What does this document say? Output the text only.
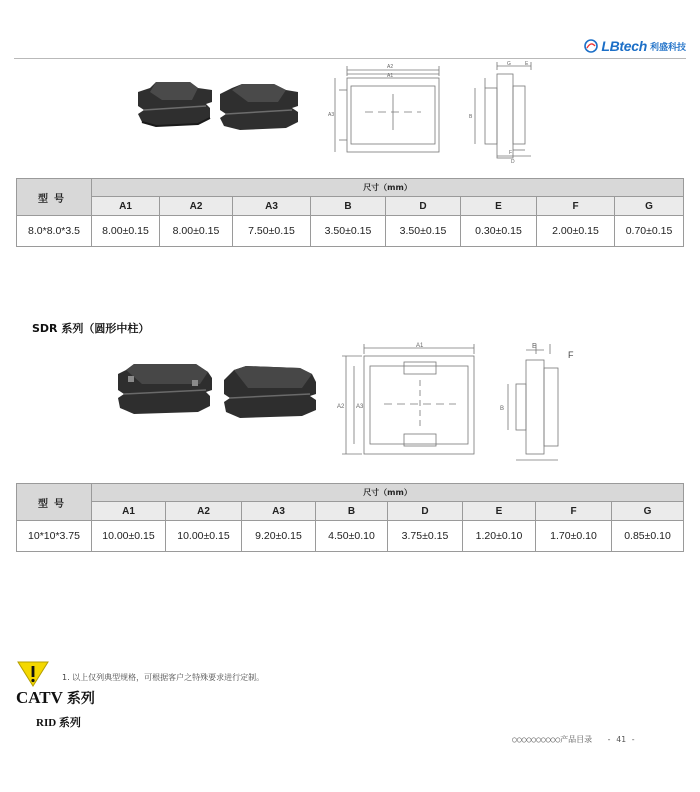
LBtech 利盛科技
A2
A1
G	E
A3	B
F
D
型号	尺寸（mm）							
	A1	A2	A3	B	D	E	F	G
8.0*8.0*3.5	8.00±0.15	8.00±0.15	7.50±0.15	3.50±0.15	3.50±0.15	0.30±0.15	2.00±0.15	0.70±0.15
SDR 系列（圆形中柱）
A1
A2 A3
E
F
B
型号	尺寸（mm）							
	A1	A2	A3	B	D	E	F	G
10*10*3.75	10.00±0.15	10.00±0.15	9.20±0.15	4.50±0.10	3.75±0.15	1.20±0.10	1.70±0.10	0.85±0.10
1. 以上仅列典型规格，可根据客户之特殊要求进行定制。
CATV 系列
RID 系列
○○○○○○○○○○产品目录 - 41 -
